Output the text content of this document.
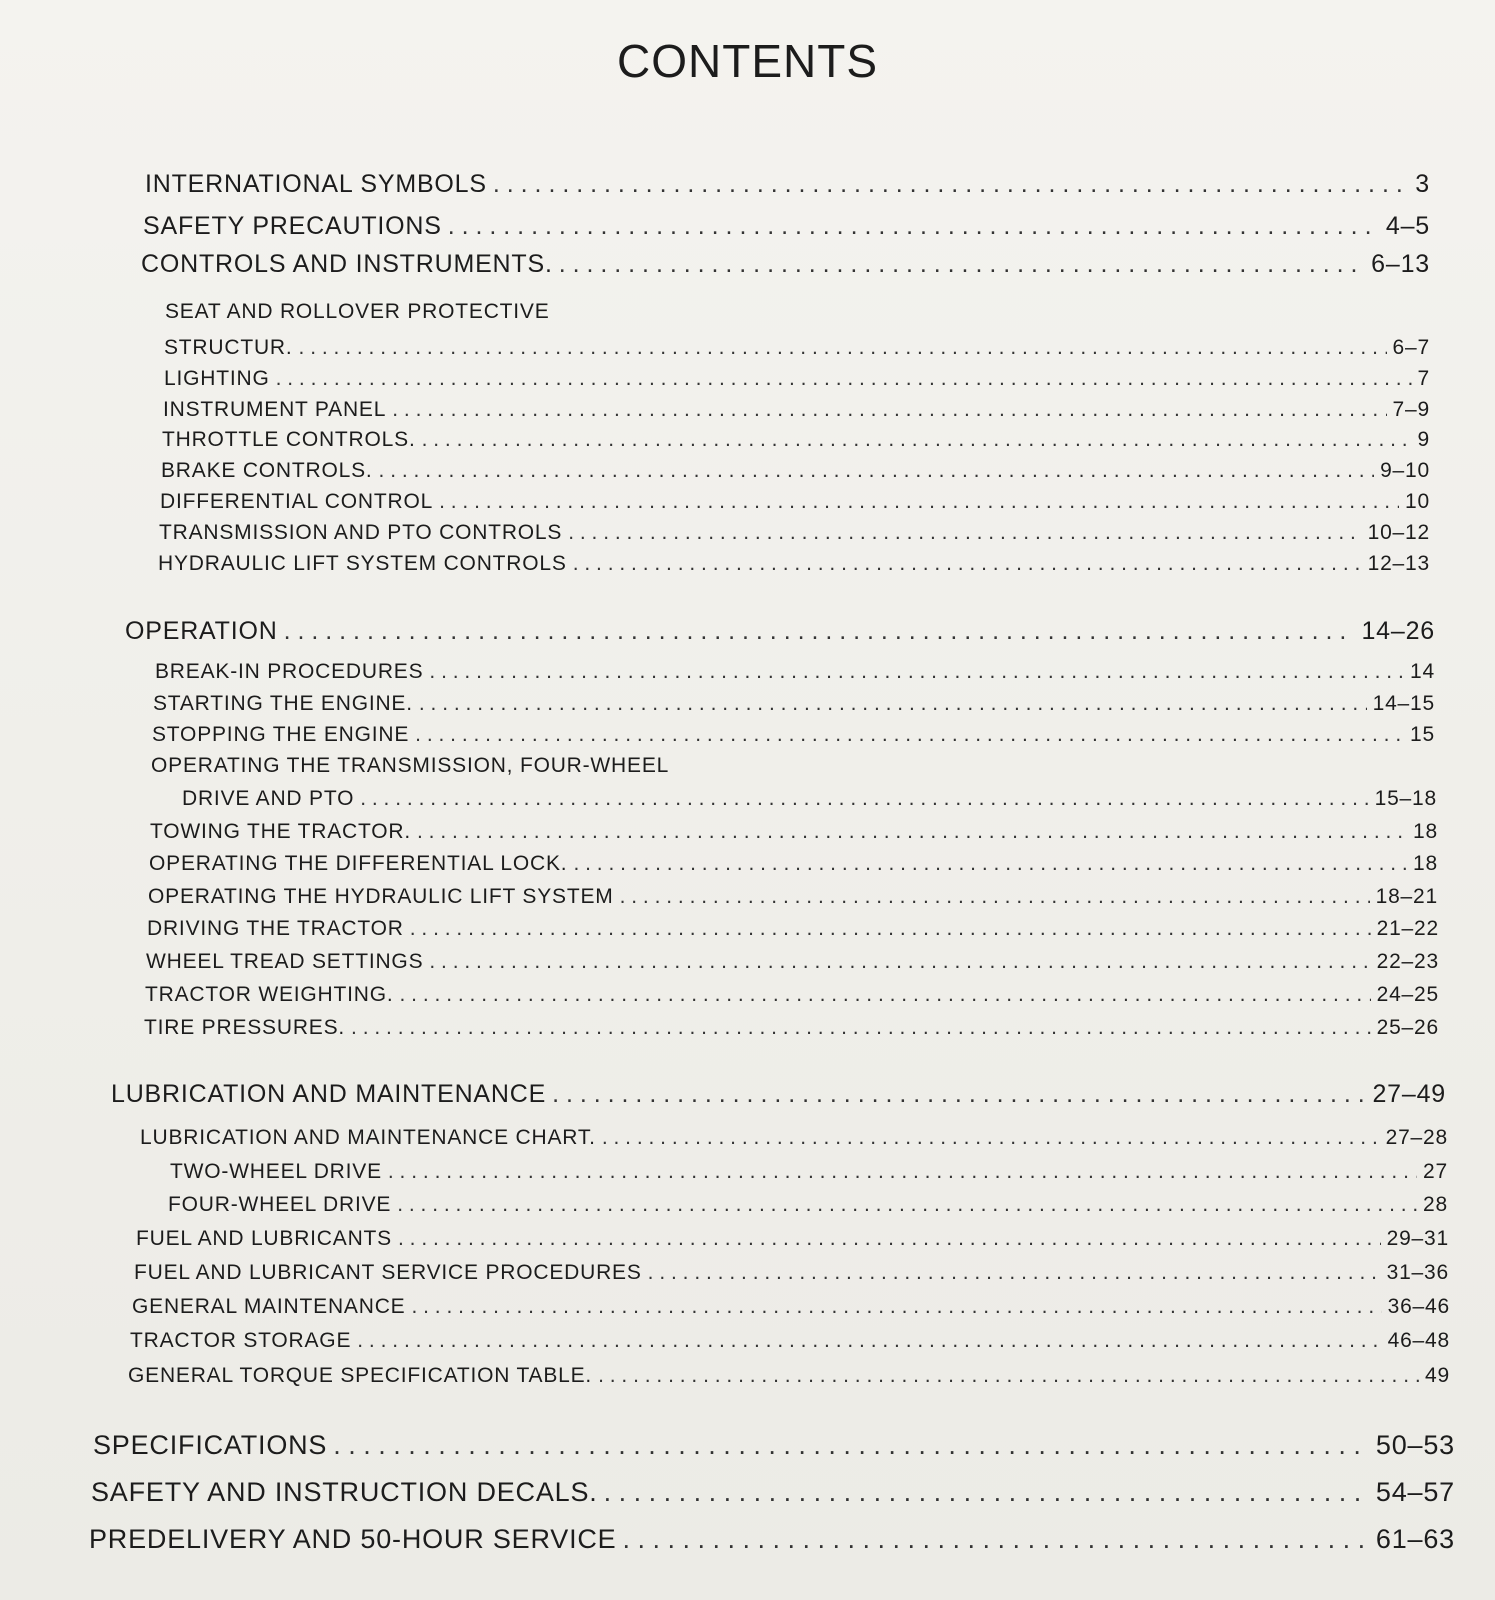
CONTENTS
INTERNATIONAL SYMBOLS . . .	3
SAFETY PRECAUTIONS . . .	4–5
CONTROLS AND INSTRUMENTS. . . .	6–13
SEAT AND ROLLOVER PROTECTIVE
STRUCTUR. . . .	6–7
LIGHTING . . .	7
INSTRUMENT PANEL . . .	7–9
THROTTLE CONTROLS. . . .	9
BRAKE CONTROLS. . . .	9–10
DIFFERENTIAL CONTROL . . .	10
TRANSMISSION AND PTO CONTROLS . . .	10–12
HYDRAULIC LIFT SYSTEM CONTROLS . . .	12–13
OPERATION . . .	14–26
BREAK-IN PROCEDURES . . .	14
STARTING THE ENGINE. . . .	14–15
STOPPING THE ENGINE . . .	15
OPERATING THE TRANSMISSION, FOUR-WHEEL
DRIVE AND PTO . . .	15–18
TOWING THE TRACTOR. . . .	18
OPERATING THE DIFFERENTIAL LOCK. . . .	18
OPERATING THE HYDRAULIC LIFT SYSTEM . . .	18–21
DRIVING THE TRACTOR . . .	21–22
WHEEL TREAD SETTINGS . . .	22–23
TRACTOR WEIGHTING. . . .	24–25
TIRE PRESSURES. . . .	25–26
LUBRICATION AND MAINTENANCE . . .	27–49
LUBRICATION AND MAINTENANCE CHART. . . .	27–28
TWO-WHEEL DRIVE . . .	27
FOUR-WHEEL DRIVE . . .	28
FUEL AND LUBRICANTS . . .	29–31
FUEL AND LUBRICANT SERVICE PROCEDURES . . .	31–36
GENERAL MAINTENANCE . . .	36–46
TRACTOR STORAGE . . .	46–48
GENERAL TORQUE SPECIFICATION TABLE. . . .	49
SPECIFICATIONS . . .	50–53
SAFETY AND INSTRUCTION DECALS. . . .	54–57
PREDELIVERY AND 50-HOUR SERVICE . . .	61–63
